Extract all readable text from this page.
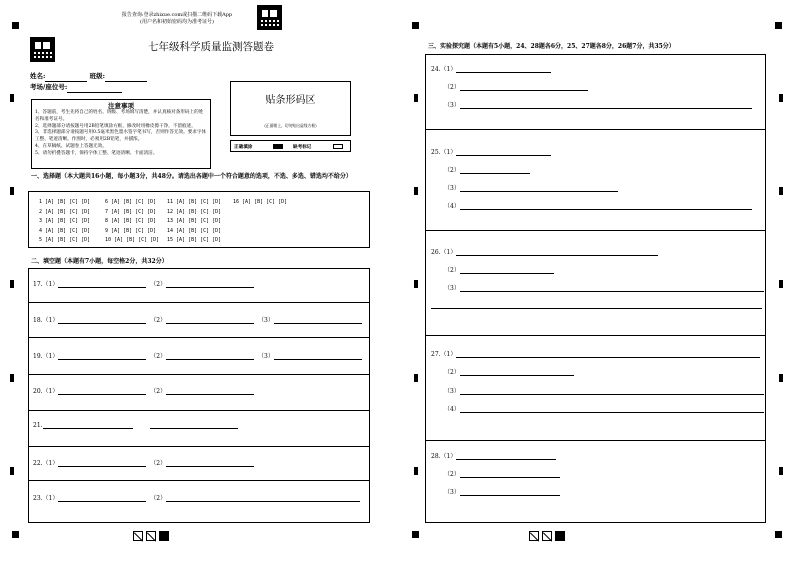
报告查询:登录zhixue.com或扫描二维码下载App
(用户名和初始密码均为准考证号)
七年级科学质量监测答题卷
姓名:	班级:
考场/座位号:
注意事项
1、答题前，考生先将自己的姓名、班级、考场填写清楚，并认真核对条形码上的姓名和准考证号。
2、选择题部分请按题号用2B铅笔填涂方框，修改时用橡皮擦干净，不留痕迹。
3、非选择题部分请按题号用0.5毫米黑色墨水签字笔书写，否则作答无效。要求字体工整、笔迹清晰。作图时，必须用2B铅笔，并描浓。
4、在草稿纸、试题卷上答题无效。
5、请勿折叠答题卡，保持字体工整、笔迹清晰、卡面清洁。
贴条形码区
(正面朝上，切勿贴出虚线方框)
正确填涂	缺考标记
一、选择题（本大题共16小题，每小题3分，共48分。请选出各题中一个符合题意的选项，不选、多选、错选均不给分）
1 [A] [B] [C] [D]
2 [A] [B] [C] [D]
3 [A] [B] [C] [D]
4 [A] [B] [C] [D]
5 [A] [B] [C] [D]
6 [A] [B] [C] [D]
7 [A] [B] [C] [D]
8 [A] [B] [C] [D]
9 [A] [B] [C] [D]
10 [A] [B] [C] [D]
11 [A] [B] [C] [D]
12 [A] [B] [C] [D]
13 [A] [B] [C] [D]
14 [A] [B] [C] [D]
15 [A] [B] [C] [D]
16 [A] [B] [C] [D]
二、填空题（本题有7小题，每空格2分，共32分）
17.（1）	（2）
18.（1）	（2）	（3）
19.（1）	（2）	（3）
20.（1）	（2）
21.
22.（1）	（2）
23.（1）	（2）
三、实验探究题（本题有5小题，24、28题各6分，25、27题各8分，26题7分，共35分）
24.（1）
（2）
（3）
25.（1）
（2）
（3）
（4）
26.（1）
（2）
（3）
27.（1）
（2）
（3）
（4）
28.（1）
（2）
（3）
